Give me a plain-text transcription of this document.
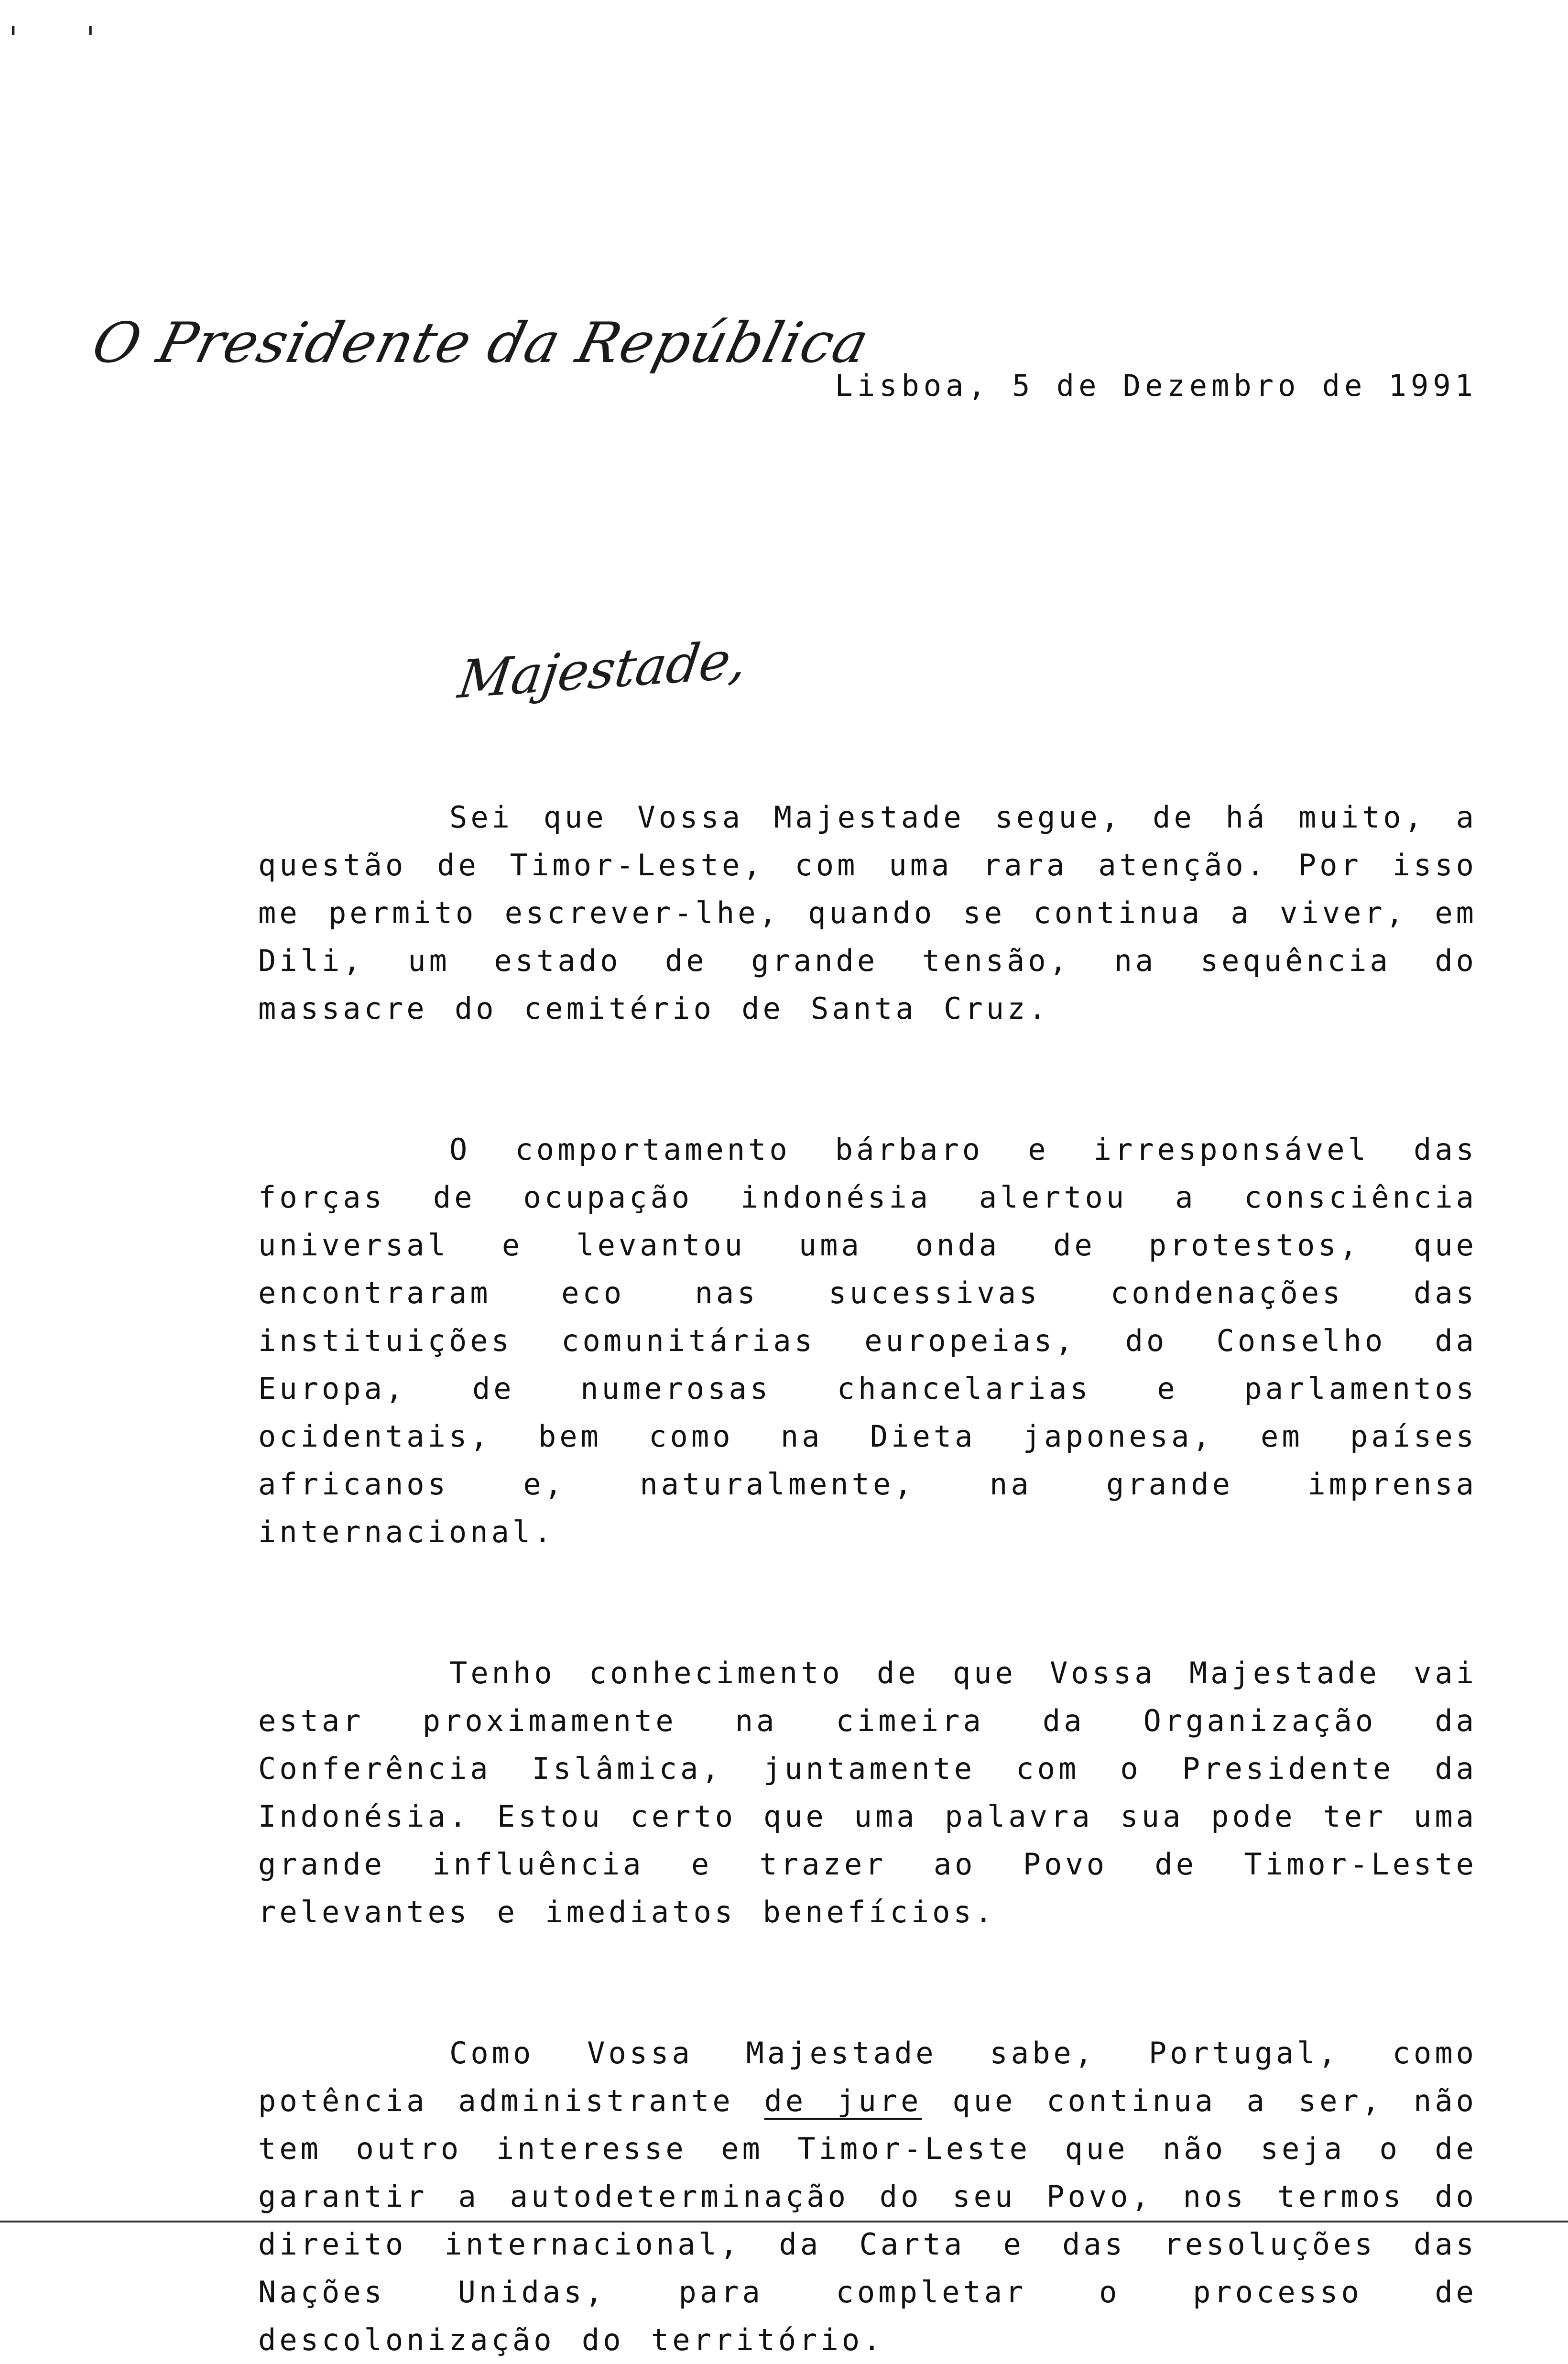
' '
O Presidente da República
Lisboa, 5 de Dezembro de 1991
Majestade,

Sei que Vossa Majestade segue, de há muito, a questão de Timor-Leste, com uma rara atenção. Por isso me permito escrever-lhe, quando se continua a viver, em Dili, um estado de grande tensão, na sequência do massacre do cemitério de Santa Cruz.

O comportamento bárbaro e irresponsável das forças de ocupação indonésia alertou a consciência universal e levantou uma onda de protestos, que encontraram eco nas sucessivas condenações das instituições comunitárias europeias, do Conselho da Europa, de numerosas chancelarias e parlamentos ocidentais, bem como na Dieta japonesa, em países africanos e, naturalmente, na grande imprensa internacional.

Tenho conhecimento de que Vossa Majestade vai estar proximamente na cimeira da Organização da Conferência Islâmica, juntamente com o Presidente da Indonésia. Estou certo que uma palavra sua pode ter uma grande influência e trazer ao Povo de Timor-Leste relevantes e imediatos benefícios.

Como Vossa Majestade sabe, Portugal, como potência administrante de jure que continua a ser, não tem outro interesse em Timor-Leste que não seja o de garantir a autodeterminação do seu Povo, nos termos do direito internacional, da Carta e das resoluções das Nações Unidas, para completar o processo de descolonização do território.
